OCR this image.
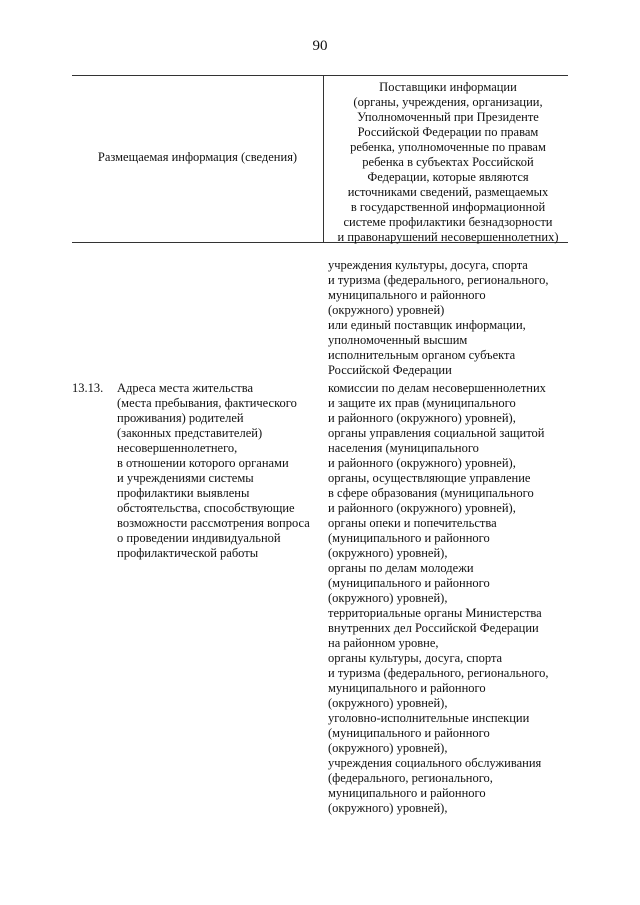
90
Размещаемая информация (сведения)
Поставщики информации
(органы, учреждения, организации,
Уполномоченный при Президенте
Российской Федерации по правам
ребенка, уполномоченные по правам
ребенка в субъектах Российской
Федерации, которые являются
источниками сведений, размещаемых
в государственной информационной
системе профилактики безнадзорности
и правонарушений несовершеннолетних)
учреждения культуры, досуга, спорта
и туризма (федерального, регионального,
муниципального и районного
(окружного) уровней)
или единый поставщик информации,
уполномоченный высшим
исполнительным органом субъекта
Российской Федерации
13.13. Адреса места жительства
(места пребывания, фактического
проживания) родителей
(законных представителей)
несовершеннолетнего,
в отношении которого органами
и учреждениями системы
профилактики выявлены
обстоятельства, способствующие
возможности рассмотрения вопроса
о проведении индивидуальной
профилактической работы
комиссии по делам несовершеннолетних
и защите их прав (муниципального
и районного (окружного) уровней),
органы управления социальной защитой
населения (муниципального
и районного (окружного) уровней),
органы, осуществляющие управление
в сфере образования (муниципального
и районного (окружного) уровней),
органы опеки и попечительства
(муниципального и районного
(окружного) уровней),
органы по делам молодежи
(муниципального и районного
(окружного) уровней),
территориальные органы Министерства
внутренних дел Российской Федерации
на районном уровне,
органы культуры, досуга, спорта
и туризма (федерального, регионального,
муниципального и районного
(окружного) уровней),
уголовно-исполнительные инспекции
(муниципального и районного
(окружного) уровней),
учреждения социального обслуживания
(федерального, регионального,
муниципального и районного
(окружного) уровней),
